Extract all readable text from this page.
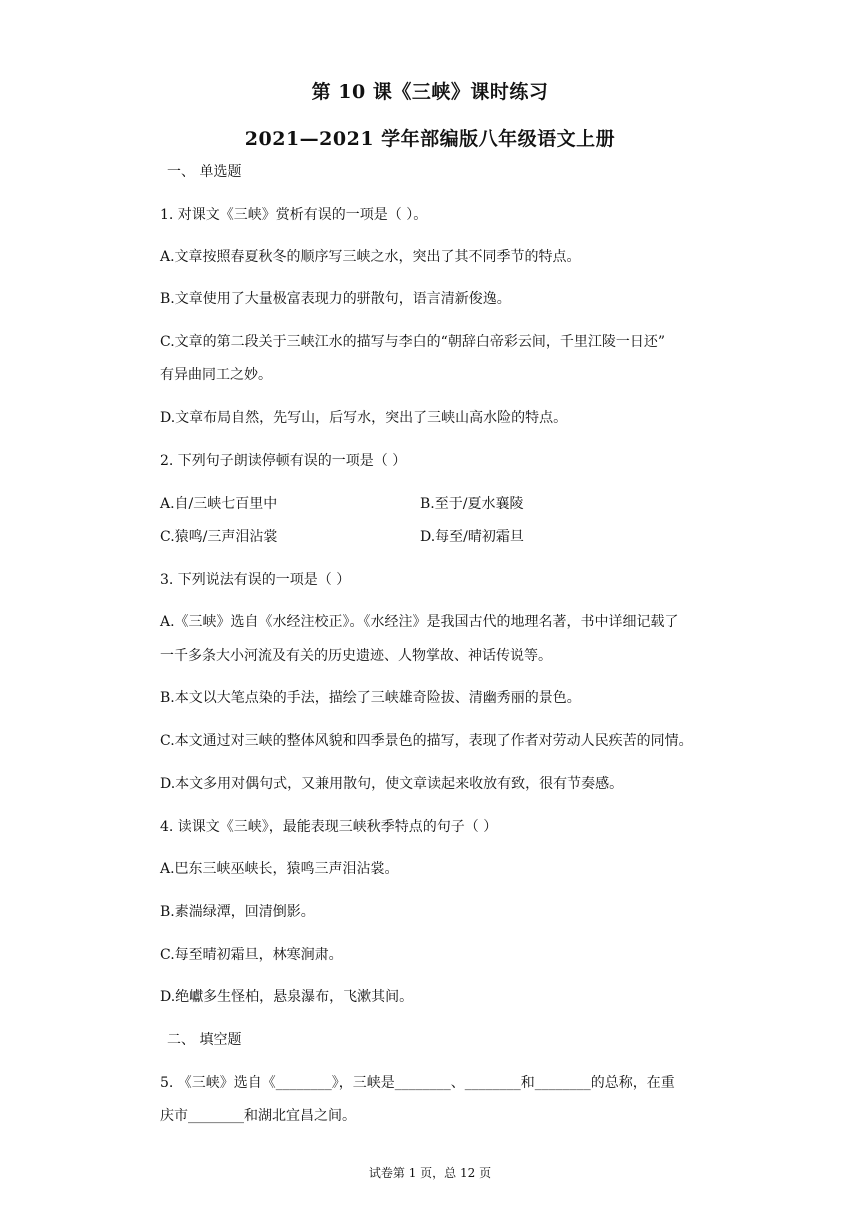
第 10 课《三峡》课时练习
2021—2021 学年部编版八年级语文上册
一、 单选题
1. 对课文《三峡》赏析有误的一项是（ ）。
A.文章按照春夏秋冬的顺序写三峡之水，突出了其不同季节的特点。
B.文章使用了大量极富表现力的骈散句，语言清新俊逸。
C.文章的第二段关于三峡江水的描写与李白的“朝辞白帝彩云间，千里江陵一日还”
有异曲同工之妙。
D.文章布局自然，先写山，后写水，突出了三峡山高水险的特点。
2. 下列句子朗读停顿有误的一项是（ ）
A.自/三峡七百里中	B.至于/夏水襄陵
C.猿鸣/三声泪沾裳	D.每至/晴初霜旦
3. 下列说法有误的一项是（ ）
A.《三峡》选自《水经注校正》。《水经注》是我国古代的地理名著，书中详细记载了
一千多条大小河流及有关的历史遗迹、人物掌故、神话传说等。
B.本文以大笔点染的手法，描绘了三峡雄奇险拔、清幽秀丽的景色。
C.本文通过对三峡的整体风貌和四季景色的描写，表现了作者对劳动人民疾苦的同情。
D.本文多用对偶句式，又兼用散句，使文章读起来收放有致，很有节奏感。
4. 读课文《三峡》，最能表现三峡秋季特点的句子（ ）
A.巴东三峡巫峡长，猿鸣三声泪沾裳。
B.素湍绿潭，回清倒影。
C.每至晴初霜旦，林寒涧肃。
D.绝巘多生怪柏，悬泉瀑布，飞漱其间。
二、 填空题
5. 《三峡》选自《________》，三峡是________、________和________的总称，在重
庆市________和湖北宜昌之间。
试卷第 1 页，总 12 页
